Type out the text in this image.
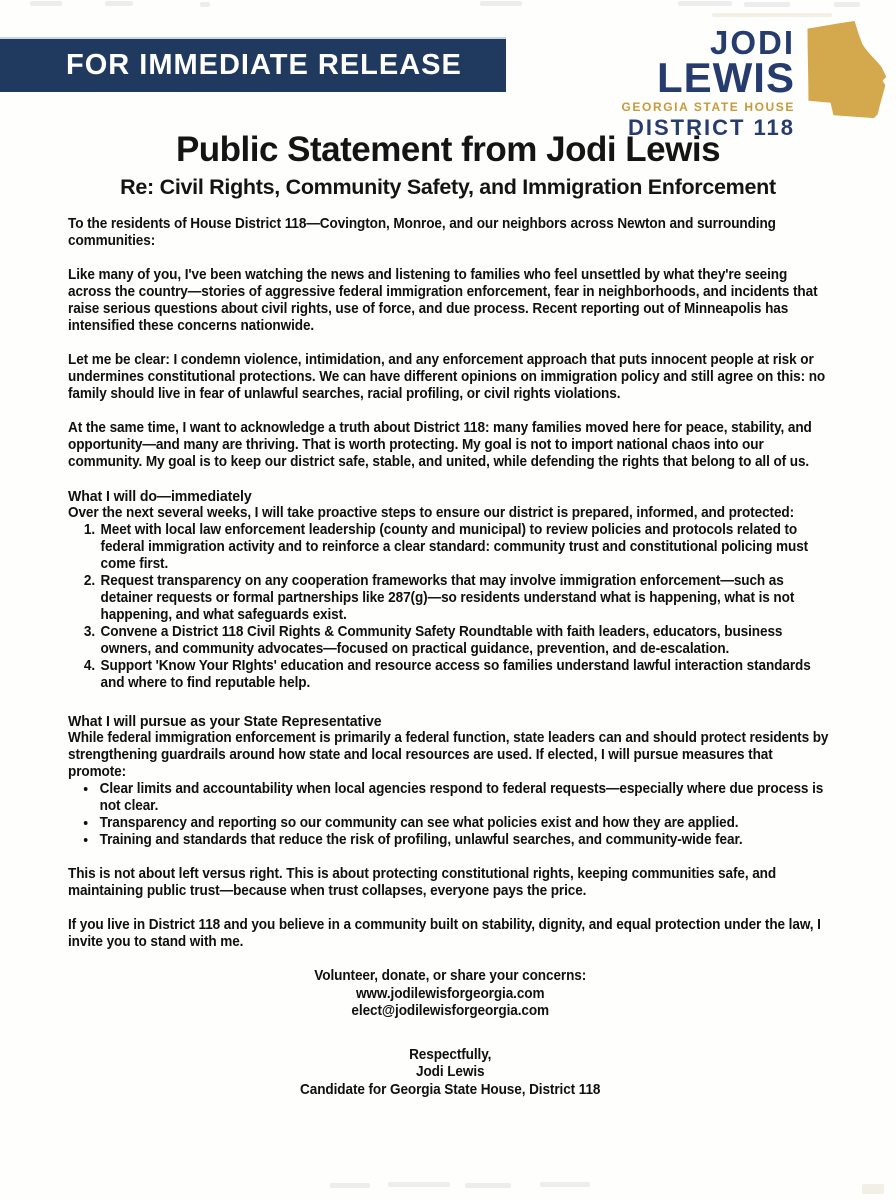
FOR IMMEDIATE RELEASE
JODI
LEWIS
GEORGIA STATE HOUSE
DISTRICT 118
Public Statement from Jodi Lewis
Re: Civil Rights, Community Safety, and Immigration Enforcement

To the residents of House District 118—Covington, Monroe, and our neighbors across Newton and surrounding communities:

Like many of you, I've been watching the news and listening to families who feel unsettled by what they're seeing across the country—stories of aggressive federal immigration enforcement, fear in neighborhoods, and incidents that raise serious questions about civil rights, use of force, and due process. Recent reporting out of Minneapolis has intensified these concerns nationwide.

Let me be clear: I condemn violence, intimidation, and any enforcement approach that puts innocent people at risk or undermines constitutional protections. We can have different opinions on immigration policy and still agree on this: no family should live in fear of unlawful searches, racial profiling, or civil rights violations.

At the same time, I want to acknowledge a truth about District 118: many families moved here for peace, stability, and opportunity—and many are thriving. That is worth protecting. My goal is not to import national chaos into our community. My goal is to keep our district safe, stable, and united, while defending the rights that belong to all of us.

What I will do—immediately

Over the next several weeks, I will take proactive steps to ensure our district is prepared, informed, and protected:

1. Meet with local law enforcement leadership (county and municipal) to review policies and protocols related to federal immigration activity and to reinforce a clear standard: community trust and constitutional policing must come first.
2. Request transparency on any cooperation frameworks that may involve immigration enforcement—such as detainer requests or formal partnerships like 287(g)—so residents understand what is happening, what is not happening, and what safeguards exist.
3. Convene a District 118 Civil Rights & Community Safety Roundtable with faith leaders, educators, business owners, and community advocates—focused on practical guidance, prevention, and de-escalation.
4. Support 'Know Your RIghts' education and resource access so families understand lawful interaction standards and where to find reputable help.
What I will pursue as your State Representative

While federal immigration enforcement is primarily a federal function, state leaders can and should protect residents by strengthening guardrails around how state and local resources are used. If elected, I will pursue measures that promote:

• Clear limits and accountability when local agencies respond to federal requests—especially where due process is not clear.
• Transparency and reporting so our community can see what policies exist and how they are applied.
• Training and standards that reduce the risk of profiling, unlawful searches, and community-wide fear.

This is not about left versus right. This is about protecting constitutional rights, keeping communities safe, and maintaining public trust—because when trust collapses, everyone pays the price.

If you live in District 118 and you believe in a community built on stability, dignity, and equal protection under the law, I invite you to stand with me.

Volunteer, donate, or share your concerns:
www.jodilewisforgeorgia.com
elect@jodilewisforgeorgia.com
Respectfully,
Jodi Lewis
Candidate for Georgia State House, District 118
